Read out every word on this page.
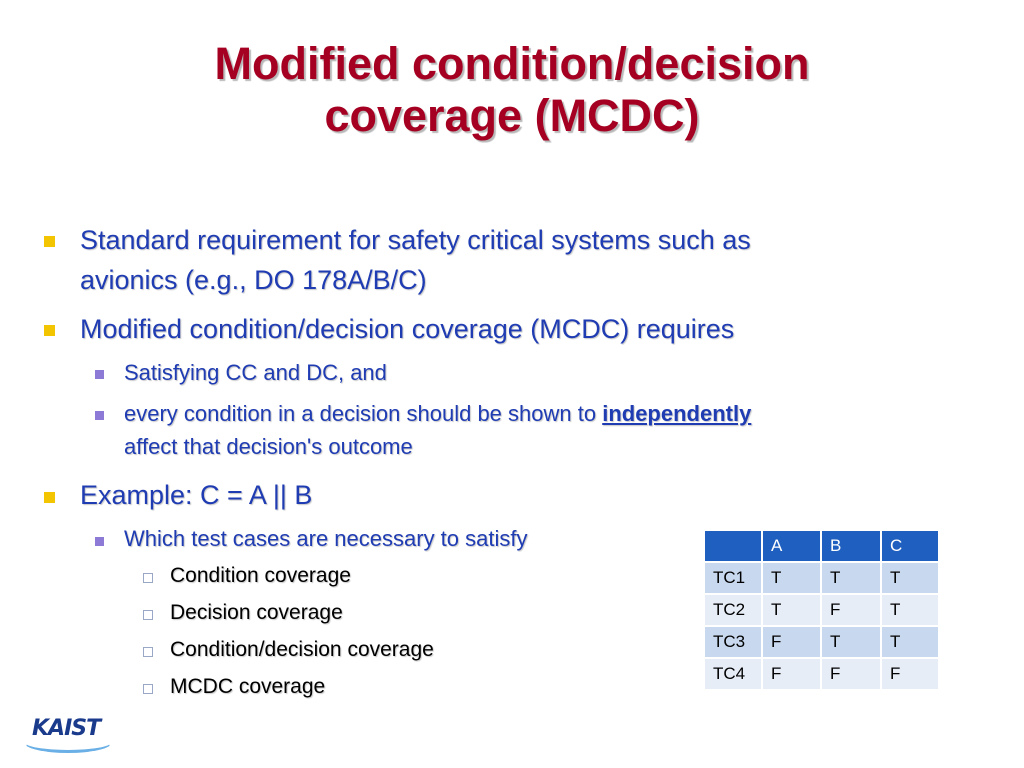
Modified condition/decision
coverage (MCDC)
Standard requirement for safety critical systems such as
avionics (e.g., DO 178A/B/C)
Modified condition/decision coverage (MCDC) requires
Satisfying CC and DC, and
every condition in a decision should be shown to independently
affect that decision's outcome
Example: C = A || B
Which test cases are necessary to satisfy
Condition coverage
Decision coverage
Condition/decision coverage
MCDC coverage
	A	B	C
TC1	T	T	T
TC2	T	F	T
TC3	F	T	T
TC4	F	F	F
KAIST
